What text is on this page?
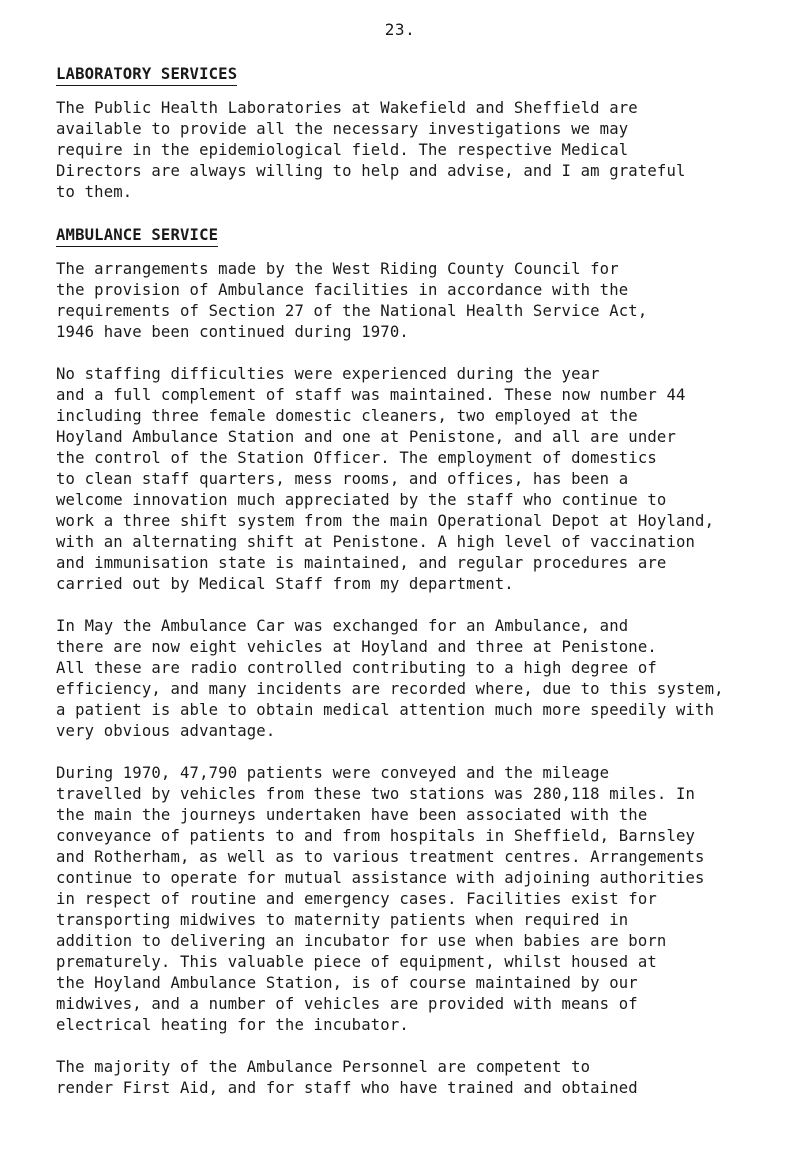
23.
LABORATORY SERVICES

The Public Health Laboratories at Wakefield and Sheffield are
available to provide all the necessary investigations we may
require in the epidemiological field. The respective Medical
Directors are always willing to help and advise, and I am grateful
to them.

AMBULANCE SERVICE

The arrangements made by the West Riding County Council for
the provision of Ambulance facilities in accordance with the
requirements of Section 27 of the National Health Service Act,
1946 have been continued during 1970.

No staffing difficulties were experienced during the year
and a full complement of staff was maintained. These now number 44
including three female domestic cleaners, two employed at the
Hoyland Ambulance Station and one at Penistone, and all are under
the control of the Station Officer. The employment of domestics
to clean staff quarters, mess rooms, and offices, has been a
welcome innovation much appreciated by the staff who continue to
work a three shift system from the main Operational Depot at Hoyland,
with an alternating shift at Penistone. A high level of vaccination
and immunisation state is maintained, and regular procedures are
carried out by Medical Staff from my department.

In May the Ambulance Car was exchanged for an Ambulance, and
there are now eight vehicles at Hoyland and three at Penistone.
All these are radio controlled contributing to a high degree of
efficiency, and many incidents are recorded where, due to this system,
a patient is able to obtain medical attention much more speedily with
very obvious advantage.

During 1970, 47,790 patients were conveyed and the mileage
travelled by vehicles from these two stations was 280,118 miles. In
the main the journeys undertaken have been associated with the
conveyance of patients to and from hospitals in Sheffield, Barnsley
and Rotherham, as well as to various treatment centres. Arrangements
continue to operate for mutual assistance with adjoining authorities
in respect of routine and emergency cases. Facilities exist for
transporting midwives to maternity patients when required in
addition to delivering an incubator for use when babies are born
prematurely. This valuable piece of equipment, whilst housed at
the Hoyland Ambulance Station, is of course maintained by our
midwives, and a number of vehicles are provided with means of
electrical heating for the incubator.

The majority of the Ambulance Personnel are competent to
render First Aid, and for staff who have trained and obtained
